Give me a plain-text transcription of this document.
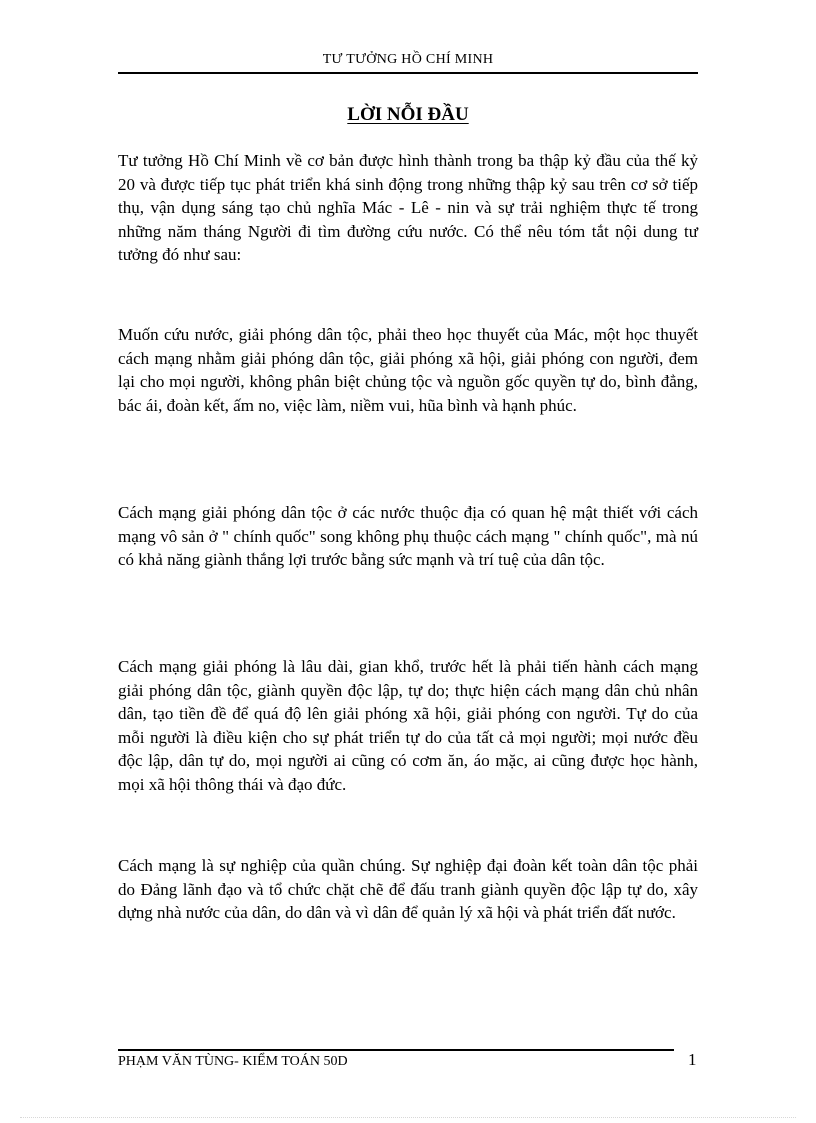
TƯ TƯỞNG HỒ CHÍ MINH
LỜI NỖI ĐẦU

Tư tưởng Hồ Chí Minh về cơ bản được hình thành trong ba thập kỷ đầu của thế kỷ 20 và được tiếp tục phát triển khá sinh động trong những thập kỷ sau trên cơ sở tiếp thụ, vận dụng sáng tạo chủ nghĩa Mác - Lê - nin và sự trải nghiệm thực tế trong những năm tháng Người đi tìm đường cứu nước. Có thể nêu tóm tắt nội dung tư tưởng đó như sau:

Muốn cứu nước, giải phóng dân tộc, phải theo học thuyết của Mác, một học thuyết cách mạng nhằm giải phóng dân tộc, giải phóng xã hội, giải phóng con người, đem lại cho mọi người, không phân biệt chủng tộc và nguồn gốc quyền tự do, bình đẳng, bác ái, đoàn kết, ấm no, việc làm, niềm vui, hũa bình và hạnh phúc.

Cách mạng giải phóng dân tộc ở các nước thuộc địa có quan hệ mật thiết với cách mạng vô sản ở " chính quốc" song không phụ thuộc cách mạng " chính quốc", mà nú có khả năng giành thắng lợi trước bằng sức mạnh và trí tuệ của dân tộc.

Cách mạng giải phóng là lâu dài, gian khổ, trước hết là phải tiến hành cách mạng giải phóng dân tộc, giành quyền độc lập, tự do; thực hiện cách mạng dân chủ nhân dân, tạo tiền đề để quá độ lên giải phóng xã hội, giải phóng con người. Tự do của mỗi người là điều kiện cho sự phát triển tự do của tất cả mọi người; mọi nước đều độc lập, dân tự do, mọi người ai cũng có cơm ăn, áo mặc, ai cũng được học hành, mọi xã hội thông thái và đạo đức.

Cách mạng là sự nghiệp của quần chúng. Sự nghiệp đại đoàn kết toàn dân tộc phải do Đảng lãnh đạo và tổ chức chặt chẽ để đấu tranh giành quyền độc lập tự do, xây dựng nhà nước của dân, do dân và vì dân để quản lý xã hội và phát triển đất nước.

PHẠM VĂN TÙNG- KIỂM TOÁN 50D	1
